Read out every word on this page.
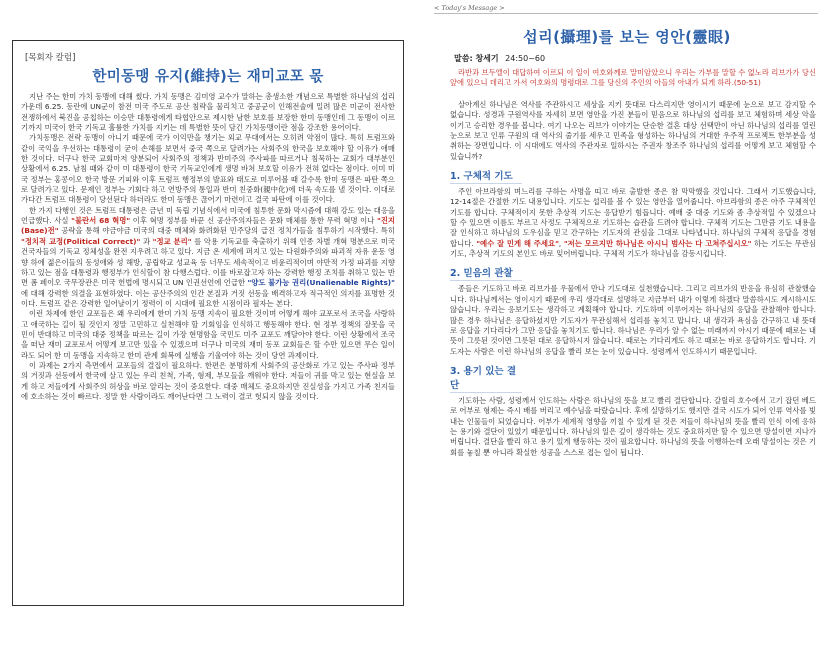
[목회자 칼럼]
한미동맹 유지(維持)는 재미교포 몫

지난 주는 한미 가치 동맹에 대해 썼다. 가치 동맹은 김미영 교수가 말하는 총생소한 개념으로 특별한 하나님의 섭리 가운데 6.25. 동란에 UN군이 참전 미국 주도로 공산 침략을 물리치고 중공군이 인해전술에 밀려 많은 미군이 전사한 전쟁하에서 북진을 공칩하는 이승만 대통령에게 타협안으로 제시한 남한 보호를 보장한 한미 동맹인데 그 동맹이 이르기까지 미국이 한국 기독교 훌륭한 가치를 지키는 데 특별한 뜻이 담긴 가치동맹이란 점을 강조한 용어이다.

가치동맹은 전략 동맹이 아니기 때문에 국가 이익만을 챙기는 외교 무대에서는 오히려 약점이 많다. 특히 트럼프와 같이 국익을 우선하는 대통령이 굳이 손해를 보면서 중국 쪽으로 달려가는 사회주의 한국을 보호해야 할 이유가 애매한 것이다. 더구나 한국 교회마저 양분되어 사회주의 정책과 반미주의 주사파를 따르거나 침묵하는 교회가 대부분인 상황에서 6.25. 남침 때와 같이 미 대통령이 한국 기독교인에게 생명 바쳐 보호할 이유가 전혀 없다는 점이다. 이미 미국 정부는 홍콩이오 한국 방문 기피와 이후 트럼프 행정부의 발표와 태도로 미루어볼 때 갈수록 한미 동맹은 파탄 쪽으로 달려가고 있다. 문제인 정부는 기회다 하고 연방주의 통일과 반미 친중화(親中化)에 더욱 속도를 낼 것이다. 이대로 가다간 트럼프 대통령이 당선된다 하더라도 한미 동맹은 끊어기 마련이고 결국 파탄에 이를 것이다.

한 가지 다행인 것은 트럼프 대통령은 금년 미 독립 기념식에서 미국에 침투한 문화 막시즘에 대해 강도 있는 대응을 언급했다. 사실 "불란서 68 혁명" 이후 혁명 정부를 바꾼 신 공산주의자들은 문화 매체를 통한 무력 혁명 이나 "진지(Base)전" 공략을 통해 야금야금 미국의 대중 매체와 화려화된 민주당의 급진 정치가들을 침투하기 시작했다. 특히 "정치적 교정(Political Correct)" 과 "정교 분리" 를 악용 기독교를 축출하기 위해 인종 차별 개혁 명분으로 미국 건국자들의 기독교 정체성을 완전 지우려고 하고 있다. 지금 온 세계에 퍼지고 있는 다원화주의와 파괴적 자유 운동 영향 하에 젊은이들의 동성애와 성 해방, 공립학교 성교육 등 너무도 세속적이고 비윤리적이며 야만적 가정 파괴를 지향하고 있는 점을 대통령과 행정부가 인식할이 참 다행스럽다. 이를 바로잡고자 하는 강력한 행정 조치를 취하고 있는 반면 폼 페이오 국무장관은 미국 헌법에 명시되고 UN 인권선언에 언급한 "양도 불가능 권리(Unalienable Rights)" 에 대해 강력한 의결을 표현하였다. 이는 공산주의의 인간 본질과 거짓 선동을 배격하고자 적극적인 의지를 표명한 것이다. 트럼프 같은 강력한 일어날이기 정력이 이 시대에 필요한 시점이라 필자는 본다.

이런 차제에 한인 교포들은 왜 우리에게 한미 가치 동맹 지속이 필요한 것이며 어떻게 해야 교포로서 조국을 사랑하고 애국하는 길이 될 것인지 정말 고민하고 실천해야 할 기회임을 인식하고 행동해야 한다. 현 정부 정책의 잘못을 국민이 반대하고 미국의 대중 정책을 따르는 길이 가장 현명함을 국민도 미주 교포도 깨달아야 한다. 이런 상황에서 조국을 떠난 재미 교포로서 어떻게 보고만 있을 수 있겠으며 더구나 미국의 재미 동포 교회들은 할 수만 있으면 무슨 일이라도 되어 한 미 동맹을 지속하고 한미 관계 회복에 실행을 기울여야 하는 것이 당연 과제이다.

이 과제는 2가지 측면에서 교포들의 결집이 필요하다. 한편은 분명하게 사회주의 공산화로 가고 있는 주사파 정부의 거짓과 선동에서 한국에 살고 있는 우리 친척, 가족, 형제, 부모들을 깨워야 한다. 저들이 귀를 막고 있는 현실을 보게 하고 저들에게 사회주의 허상을 바로 알리는 것이 중요한다. 대중 매체도 중요하지만 진실성을 가지고 가족 친지들에 호소하는 것이 빠르다. 정말 한 사람이라도 깨어난다면 그 노력이 결코 헛되지 않을 것이다.

< Today's Message >
섭리(攝理)를 보는 영안(靈眼)
말씀: 창세기 24:50~60
라반과 브두엘이 대답하여 이르되 이 일이 여호와께로 말미암았으니 우리는 가부를 말할 수 없노라 리브가가 당신 앞에 있으니 데리고 가서 여호와의 명령대로 그를 당신의 주인의 아들의 아내가 되게 하라.(50-51)

살아계신 하나님은 역사를 주관하시고 세상을 지키 뜻대로 다스리지만 영이시기 때문에 눈으로 보고 감지할 수 없습니다. 성경과 구원역사를 자세히 보면 영안을 가진 분들이 믿음으로 하나님의 섭리를 보고 체험하며 세상 악을 이기고 승리한 경우를 봅니다. 여기 나오는 리브가 이야기는 단순한 결혼 대상 선택만이 아닌 하나님의 섭리를 열린 눈으로 보고 인류 구원의 대 역사의 줄기를 세우고 민족을 형성하는 하나님의 거대한 우주적 프로젝트 한부분을 성취하는 장면입니다. 이 시대에도 역사의 주관자로 일하시는 주권자 창조주 하나님의 섭리를 어떻게 보고 체험할 수 있습니까?

1. 구체적 기도

주인 아브라함의 며느리를 구하는 사명을 띠고 바로 출발한 종은 참 막막했을 것입니다. 그래서 기도했습니다, 12-14절은 간절한 기도 내용입니다. 기도는 섭리를 볼 수 있는 영안을 열어줍니다. 아브라함의 종은 아주 구체적인 기도를 합니다. 구체적이지 못한 추상적 기도는 응답받기 힘듭니다. 예배 중 대중 기도와 좀 추상적일 수 있겠으나 할 수 있으면 이름도 부르고 사정도 구체적으로 기도하는 습관을 드려야 합니다. 구체적 기도는 그만큼 기도 내용을 잘 인식하고 하나님의 도우심을 믿고 간구하는 기도자의 관심을 그대로 나타냅니다. 하나님의 구체적 응답을 경험합니다. "예수 잘 민게 해 주세요", "저는 모르지만 하나님은 아시니 범사는 다 고쳐주십시오" 하는 기도는 무관심 기도, 추상적 기도의 본인도 바로 잊어버립니다. 구체적 기도가 하나님을 감동시킵니다.

2. 믿음의 관찰

종들은 기도하고 바로 리브가를 우물에서 만나 기도대로 실천했습니다. 그리고 리브가의 반응을 유심히 관찰했습니다. 하나님께서는 영이시기 때문에 우리 생각대로 설명하고 지금부터 내가 이렇게 하겠다 말씀하시도 계시하시도 않습니다. 우리는 응보기도는 생각하고 계획해야 합니다. 기도하며 이루어지는 하나님의 응답을 관찰해야 합니다. 많은 경우 하나님은 응답하셨지만 기도자가 무관심해서 섭리를 놓치고 맙니다. 내 생각과 욕심을 간구하고 내 뜻대로 응답을 기다리다가 그만 응답을 놓치기도 합니다. 하나님은 우리가 알 수 없는 미래까지 아시기 때문에 때로는 내 뜻이 그릇된 것이면 그릇된 대로 응답하시지 않습니다. 때로는 기다리게도 하고 때로는 바로 응답하기도 합니다. 기도자는 사람은 이런 하나님의 응답을 빨리 보는 눈이 있습니다. 성령께서 인도하시기 때문입니다.

3. 용기 있는 결단

기도하는 사람, 성령께서 인도하는 사람은 하나님의 뜻을 보고 빨리 결단합니다. 갈릴리 호수에서 고기 잡던 베드로 어부로 형제는 즉시 배를 버리고 예수님을 따랐습니다. 후에 실망하기도 했지만 결국 시도가 되어 인류 역사를 빛내는 인물들이 되었습니다. 어부가 세계적 영향을 끼칠 수 있게 된 것은 저들이 하나님의 뜻을 빨리 인식 이에 응하는 용기와 결단이 있었기 때문입니다. 하나님의 일은 깊이 생각하는 것도 중요하지만 할 수 있으면 망설이면 지나가버립니다. 결단을 빨리 하고 용기 있게 행동하는 것이 필요합니다. 하나님의 뜻을 이행하는데 오래 망설이는 것은 기회를 놓칠 뿐 아니라 확실한 성공을 스스로 접는 일이 됩니다.
